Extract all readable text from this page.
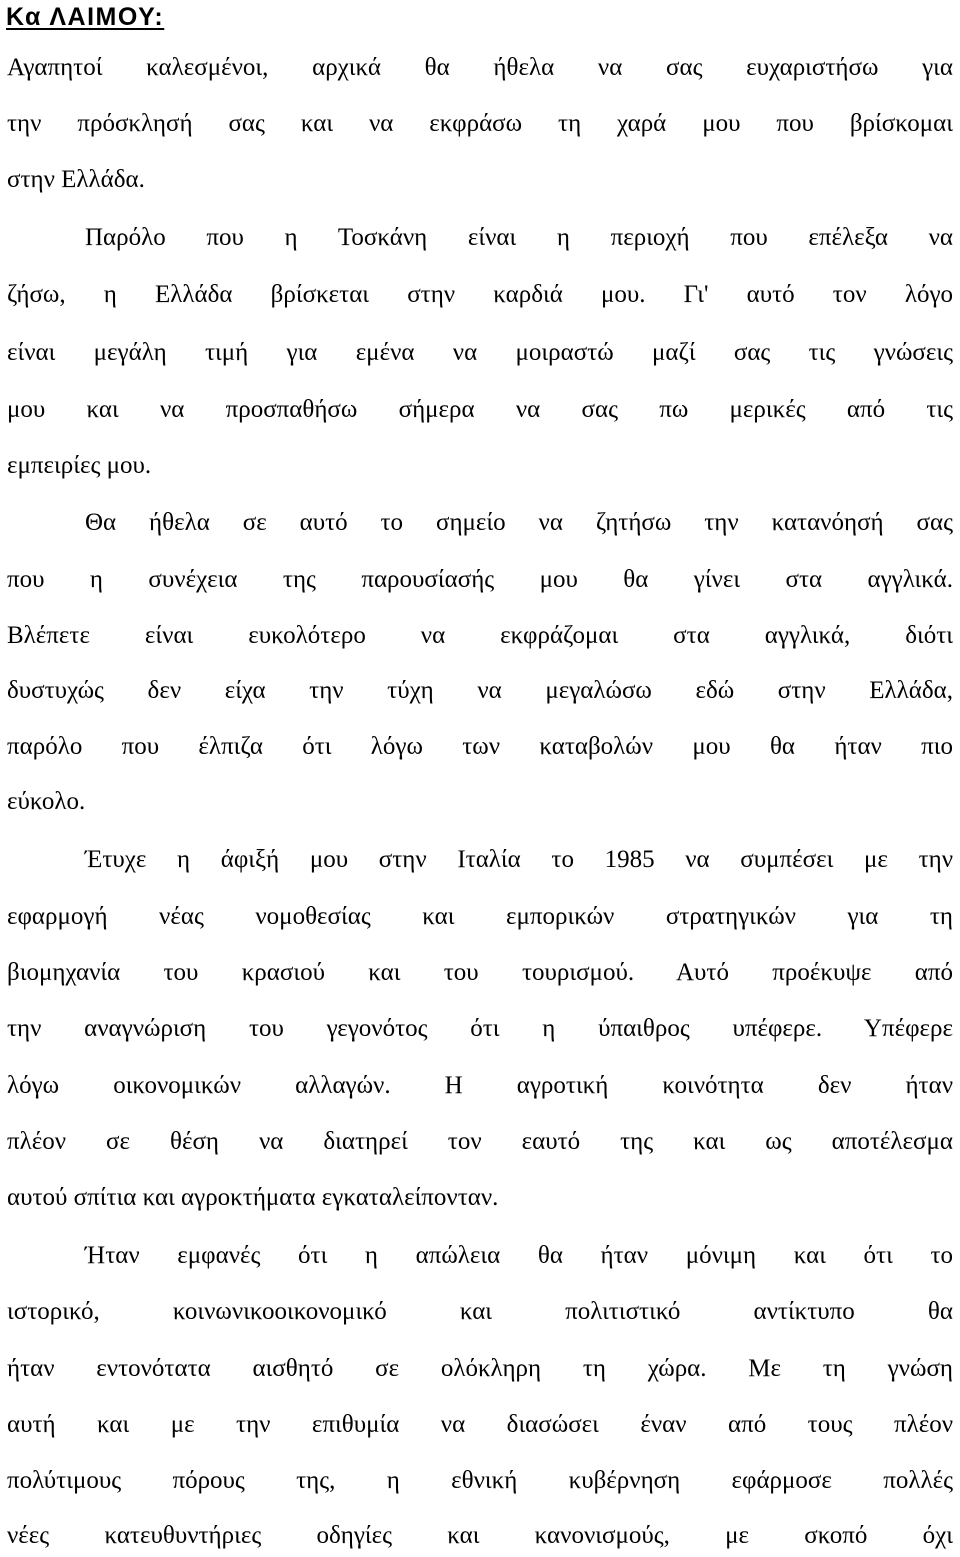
Κα ΛΑΙΜΟΥ:
Αγαπητοί καλεσμένοι, αρχικά θα ήθελα να σας ευχαριστήσω για
την πρόσκλησή σας και να εκφράσω τη χαρά μου που βρίσκομαι
στην Ελλάδα.
Παρόλο που η Τοσκάνη είναι η περιοχή που επέλεξα να
ζήσω, η Ελλάδα βρίσκεται στην καρδιά μου. Γι' αυτό τον λόγο
είναι μεγάλη τιμή για εμένα να μοιραστώ μαζί σας τις γνώσεις
μου και να προσπαθήσω σήμερα να σας πω μερικές από τις
εμπειρίες μου.
Θα ήθελα σε αυτό το σημείο να ζητήσω την κατανόησή σας
που η συνέχεια της παρουσίασής μου θα γίνει στα αγγλικά.
Βλέπετε είναι ευκολότερο να εκφράζομαι στα αγγλικά, διότι
δυστυχώς δεν είχα την τύχη να μεγαλώσω εδώ στην Ελλάδα,
παρόλο που έλπιζα ότι λόγω των καταβολών μου θα ήταν πιο
εύκολο.
Έτυχε η άφιξή μου στην Ιταλία το 1985 να συμπέσει με την
εφαρμογή νέας νομοθεσίας και εμπορικών στρατηγικών για τη
βιομηχανία του κρασιού και του τουρισμού. Αυτό προέκυψε από
την αναγνώριση του γεγονότος ότι η ύπαιθρος υπέφερε. Υπέφερε
λόγω οικονομικών αλλαγών. Η αγροτική κοινότητα δεν ήταν
πλέον σε θέση να διατηρεί τον εαυτό της και ως αποτέλεσμα
αυτού σπίτια και αγροκτήματα εγκαταλείπονταν.
Ήταν εμφανές ότι η απώλεια θα ήταν μόνιμη και ότι το
ιστορικό, κοινωνικοοικονομικό και πολιτιστικό αντίκτυπο θα
ήταν εντονότατα αισθητό σε ολόκληρη τη χώρα. Με τη γνώση
αυτή και με την επιθυμία να διασώσει έναν από τους πλέον
πολύτιμους πόρους της, η εθνική κυβέρνηση εφάρμοσε πολλές
νέες κατευθυντήριες οδηγίες και κανονισμούς, με σκοπό όχι
